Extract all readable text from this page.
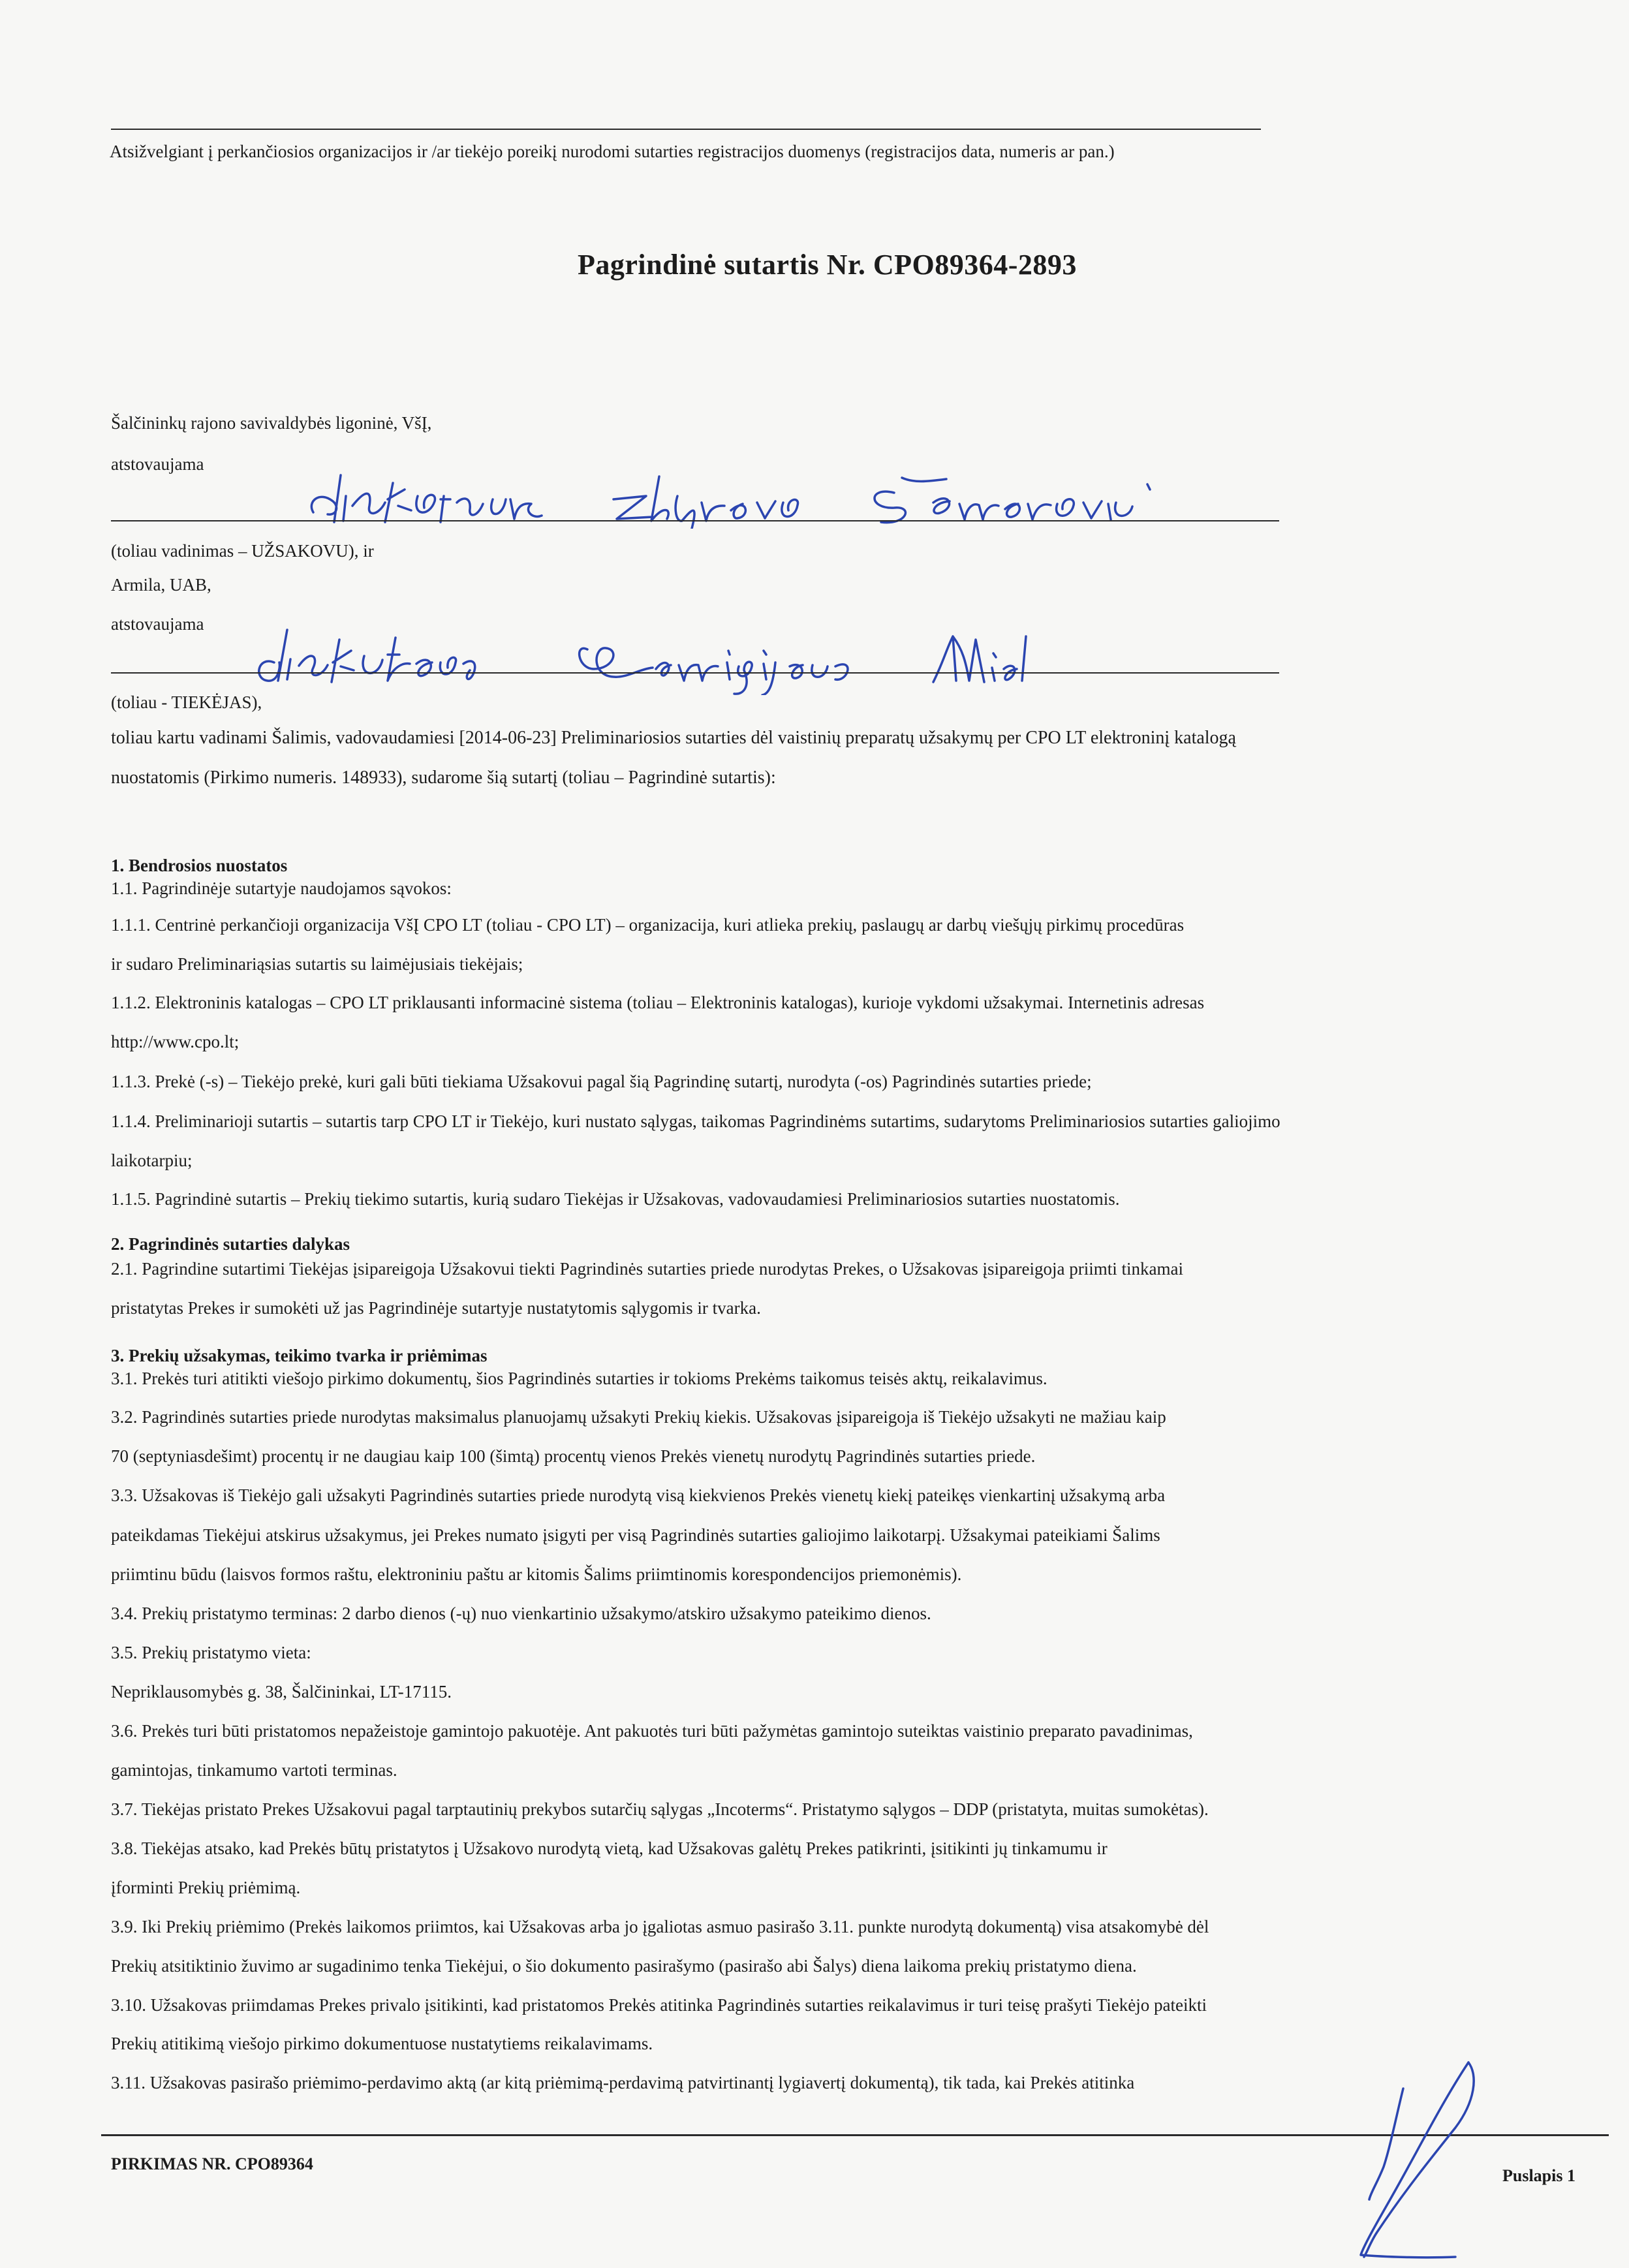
Atsižvelgiant į perkančiosios organizacijos ir /ar tiekėjo poreikį nurodomi sutarties registracijos duomenys (registracijos data, numeris ar pan.)
Pagrindinė sutartis Nr. CPO89364-2893
Šalčininkų rajono savivaldybės ligoninė, VšĮ,
atstovaujama
(toliau vadinimas – UŽSAKOVU), ir
Armila, UAB,
atstovaujama
(toliau - TIEKĖJAS),
toliau kartu vadinami Šalimis, vadovaudamiesi [2014-06-23] Preliminariosios sutarties dėl vaistinių preparatų užsakymų per CPO LT elektroninį katalogą
nuostatomis (Pirkimo numeris. 148933), sudarome šią sutartį (toliau – Pagrindinė sutartis):
1. Bendrosios nuostatos
1.1. Pagrindinėje sutartyje naudojamos sąvokos:
1.1.1. Centrinė perkančioji organizacija VšĮ CPO LT (toliau - CPO LT) – organizacija, kuri atlieka prekių, paslaugų ar darbų viešųjų pirkimų procedūras
ir sudaro Preliminariąsias sutartis su laimėjusiais tiekėjais;
1.1.2. Elektroninis katalogas – CPO LT priklausanti informacinė sistema (toliau – Elektroninis katalogas), kurioje vykdomi užsakymai. Internetinis adresas
http://www.cpo.lt;
1.1.3. Prekė (-s) – Tiekėjo prekė, kuri gali būti tiekiama Užsakovui pagal šią Pagrindinę sutartį, nurodyta (-os) Pagrindinės sutarties priede;
1.1.4. Preliminarioji sutartis – sutartis tarp CPO LT ir Tiekėjo, kuri nustato sąlygas, taikomas Pagrindinėms sutartims, sudarytoms Preliminariosios sutarties galiojimo
laikotarpiu;
1.1.5. Pagrindinė sutartis – Prekių tiekimo sutartis, kurią sudaro Tiekėjas ir Užsakovas, vadovaudamiesi Preliminariosios sutarties nuostatomis.
2. Pagrindinės sutarties dalykas
2.1. Pagrindine sutartimi Tiekėjas įsipareigoja Užsakovui tiekti Pagrindinės sutarties priede nurodytas Prekes, o Užsakovas įsipareigoja priimti tinkamai
pristatytas Prekes ir sumokėti už jas Pagrindinėje sutartyje nustatytomis sąlygomis ir tvarka.
3. Prekių užsakymas, teikimo tvarka ir priėmimas
3.1. Prekės turi atitikti viešojo pirkimo dokumentų, šios Pagrindinės sutarties ir tokioms Prekėms taikomus teisės aktų, reikalavimus.
3.2. Pagrindinės sutarties priede nurodytas maksimalus planuojamų užsakyti Prekių kiekis. Užsakovas įsipareigoja iš Tiekėjo užsakyti ne mažiau kaip
70 (septyniasdešimt) procentų ir ne daugiau kaip 100 (šimtą) procentų vienos Prekės vienetų nurodytų Pagrindinės sutarties priede.
3.3. Užsakovas iš Tiekėjo gali užsakyti Pagrindinės sutarties priede nurodytą visą kiekvienos Prekės vienetų kiekį pateikęs vienkartinį užsakymą arba
pateikdamas Tiekėjui atskirus užsakymus, jei Prekes numato įsigyti per visą Pagrindinės sutarties galiojimo laikotarpį. Užsakymai pateikiami Šalims
priimtinu būdu (laisvos formos raštu, elektroniniu paštu ar kitomis Šalims priimtinomis korespondencijos priemonėmis).
3.4. Prekių pristatymo terminas: 2 darbo dienos (-ų) nuo vienkartinio užsakymo/atskiro užsakymo pateikimo dienos.
3.5. Prekių pristatymo vieta:
Nepriklausomybės g. 38, Šalčininkai, LT-17115.
3.6. Prekės turi būti pristatomos nepažeistoje gamintojo pakuotėje. Ant pakuotės turi būti pažymėtas gamintojo suteiktas vaistinio preparato pavadinimas,
gamintojas, tinkamumo vartoti terminas.
3.7. Tiekėjas pristato Prekes Užsakovui pagal tarptautinių prekybos sutarčių sąlygas „Incoterms“. Pristatymo sąlygos – DDP (pristatyta, muitas sumokėtas).
3.8. Tiekėjas atsako, kad Prekės būtų pristatytos į Užsakovo nurodytą vietą, kad Užsakovas galėtų Prekes patikrinti, įsitikinti jų tinkamumu ir
įforminti Prekių priėmimą.
3.9. Iki Prekių priėmimo (Prekės laikomos priimtos, kai Užsakovas arba jo įgaliotas asmuo pasirašo 3.11. punkte nurodytą dokumentą) visa atsakomybė dėl
Prekių atsitiktinio žuvimo ar sugadinimo tenka Tiekėjui, o šio dokumento pasirašymo (pasirašo abi Šalys) diena laikoma prekių pristatymo diena.
3.10. Užsakovas priimdamas Prekes privalo įsitikinti, kad pristatomos Prekės atitinka Pagrindinės sutarties reikalavimus ir turi teisę prašyti Tiekėjo pateikti
Prekių atitikimą viešojo pirkimo dokumentuose nustatytiems reikalavimams.
3.11. Užsakovas pasirašo priėmimo-perdavimo aktą (ar kitą priėmimą-perdavimą patvirtinantį lygiavertį dokumentą), tik tada, kai Prekės atitinka
PIRKIMAS NR. CPO89364
Puslapis 1
